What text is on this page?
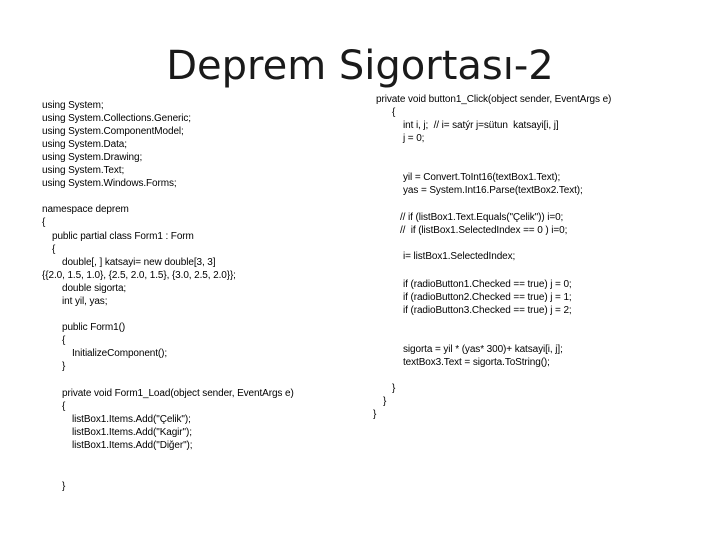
Deprem Sigortası-2
using System;
using System.Collections.Generic;
using System.ComponentModel;
using System.Data;
using System.Drawing;
using System.Text;
using System.Windows.Forms;
namespace deprem
{
public partial class Form1 : Form
{
double[, ] katsayi= new double[3, 3]
{{2.0, 1.5, 1.0}, {2.5, 2.0, 1.5}, {3.0, 2.5, 2.0}};
double sigorta;
int yil, yas;
public Form1()
{
InitializeComponent();
}
private void Form1_Load(object sender, EventArgs e)
{
listBox1.Items.Add("Çelik");
listBox1.Items.Add("Kagir");
listBox1.Items.Add("Diğer");
}
private void button1_Click(object sender, EventArgs e)
{
int i, j;  // i= satýr j=sütun  katsayi[i, j]
j = 0;
yil = Convert.ToInt16(textBox1.Text);
yas = System.Int16.Parse(textBox2.Text);
// if (listBox1.Text.Equals("Çelik")) i=0;
//  if (listBox1.SelectedIndex == 0 ) i=0;
i= listBox1.SelectedIndex;
if (radioButton1.Checked == true) j = 0;
if (radioButton2.Checked == true) j = 1;
if (radioButton3.Checked == true) j = 2;
sigorta = yil * (yas* 300)+ katsayi[i, j];
textBox3.Text = sigorta.ToString();
}
}
}
